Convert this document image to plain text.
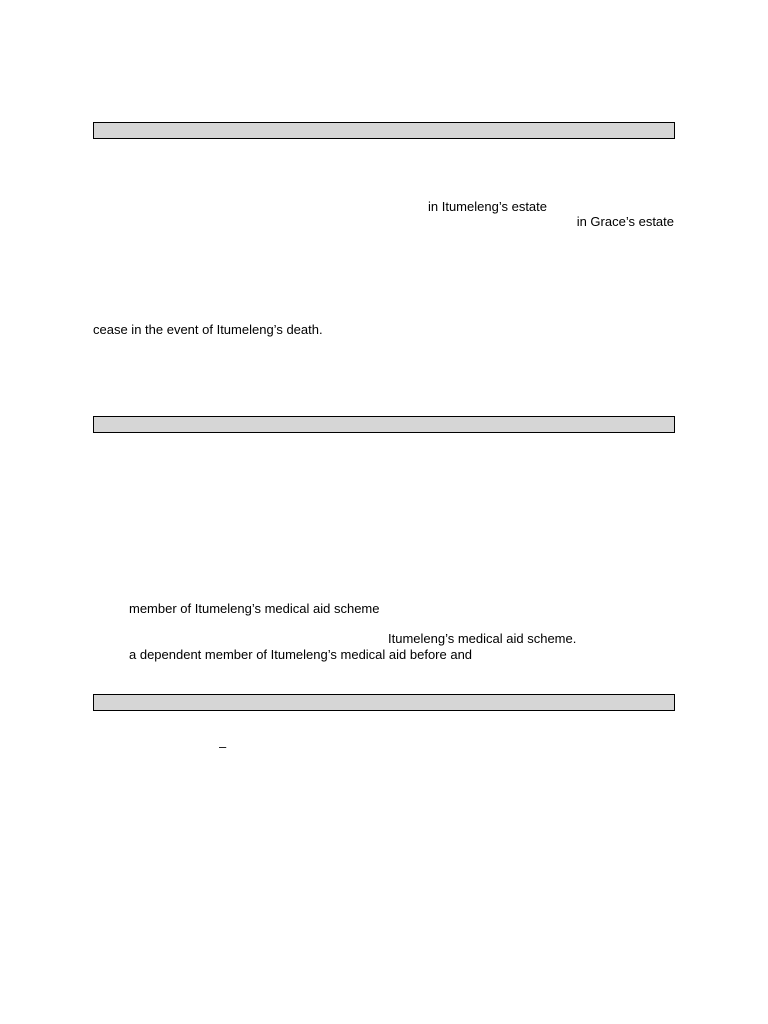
in Itumeleng’s estate
in Grace’s estate
cease in the event of Itumeleng’s death.
member of Itumeleng’s medical aid scheme
Itumeleng’s medical aid scheme.
a dependent member of Itumeleng’s medical aid before and
–
